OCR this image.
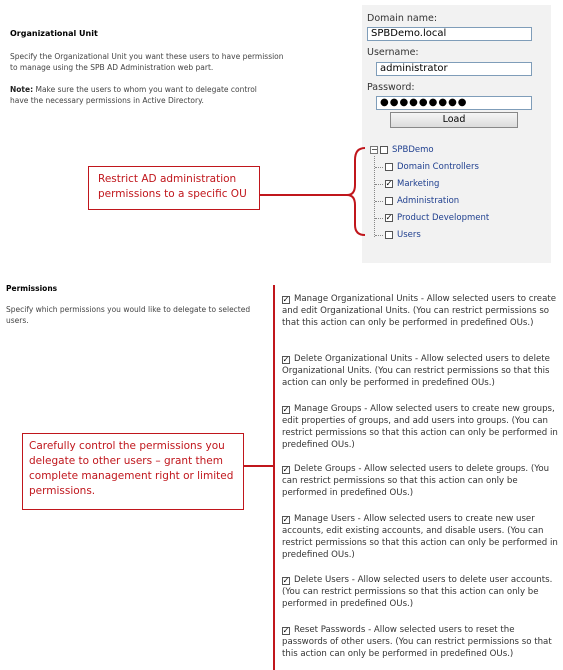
Organizational Unit
Specify the Organizational Unit you want these users to have permission to manage using the SPB AD Administration web part.
Note: Make sure the users to whom you want to delegate control have the necessary permissions in Active Directory.
Domain name:
SPBDemo.local
Username:
administrator
Password:
●●●●●●●●●
Load
− SPBDemo
Domain Controllers
✓ Marketing
Administration
✓ Product Development
Users
Restrict AD administration permissions to a specific OU
Permissions
Specify which permissions you would like to delegate to selected users.
✓ Manage Organizational Units - Allow selected users to create and edit Organizational Units. (You can restrict permissions so that this action can only be performed in predefined OUs.)
✓ Delete Organizational Units - Allow selected users to delete Organizational Units. (You can restrict permissions so that this action can only be performed in predefined OUs.)
✓ Manage Groups - Allow selected users to create new groups, edit properties of groups, and add users into groups. (You can restrict permissions so that this action can only be performed in predefined OUs.)
✓ Delete Groups - Allow selected users to delete groups. (You can restrict permissions so that this action can only be performed in predefined OUs.)
✓ Manage Users - Allow selected users to create new user accounts, edit existing accounts, and disable users. (You can restrict permissions so that this action can only be performed in predefined OUs.)
✓ Delete Users - Allow selected users to delete user accounts.(You can restrict permissions so that this action can only be performed in predefined OUs.)
✓ Reset Passwords - Allow selected users to reset the passwords of other users. (You can restrict permissions so that this action can only be performed in predefined OUs.)
Carefully control the permissions you delegate to other users – grant them complete management right or limited permissions.
